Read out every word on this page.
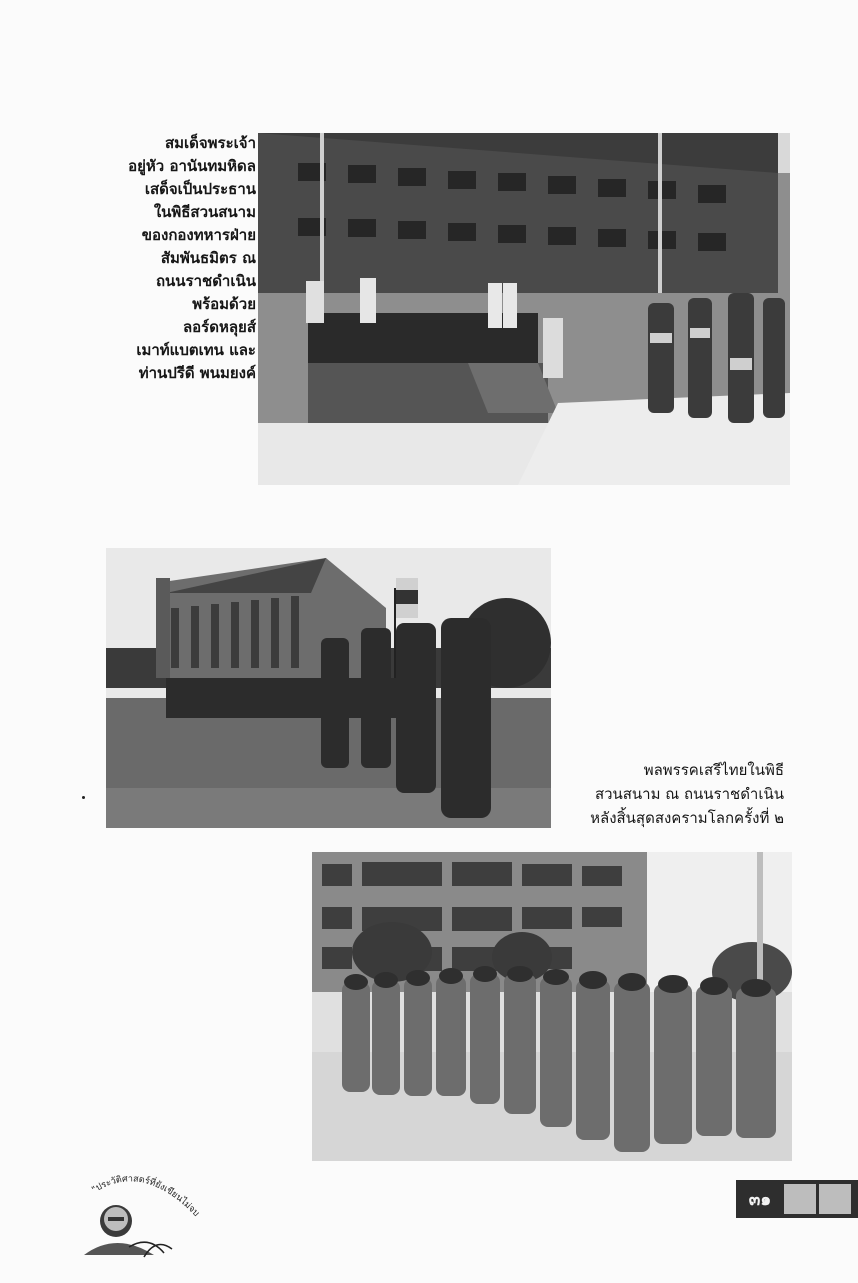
สมเด็จพระเจ้า
อยู่หัว อานันทมหิดล
เสด็จเป็นประธาน
ในพิธีสวนสนาม
ของกองทหารฝ่าย
สัมพันธมิตร ณ
ถนนราชดำเนิน
พร้อมด้วย
ลอร์ดหลุยส์
เมาท์แบตเทน และ
ท่านปรีดี พนมยงค์
พลพรรคเสรีไทยในพิธี
สวนสนาม ณ ถนนราชดำเนิน
หลังสิ้นสุดสงครามโลกครั้งที่ ๒
"ประวัติศาสตร์ที่ยังเขียนไม่จบ
๓๑
